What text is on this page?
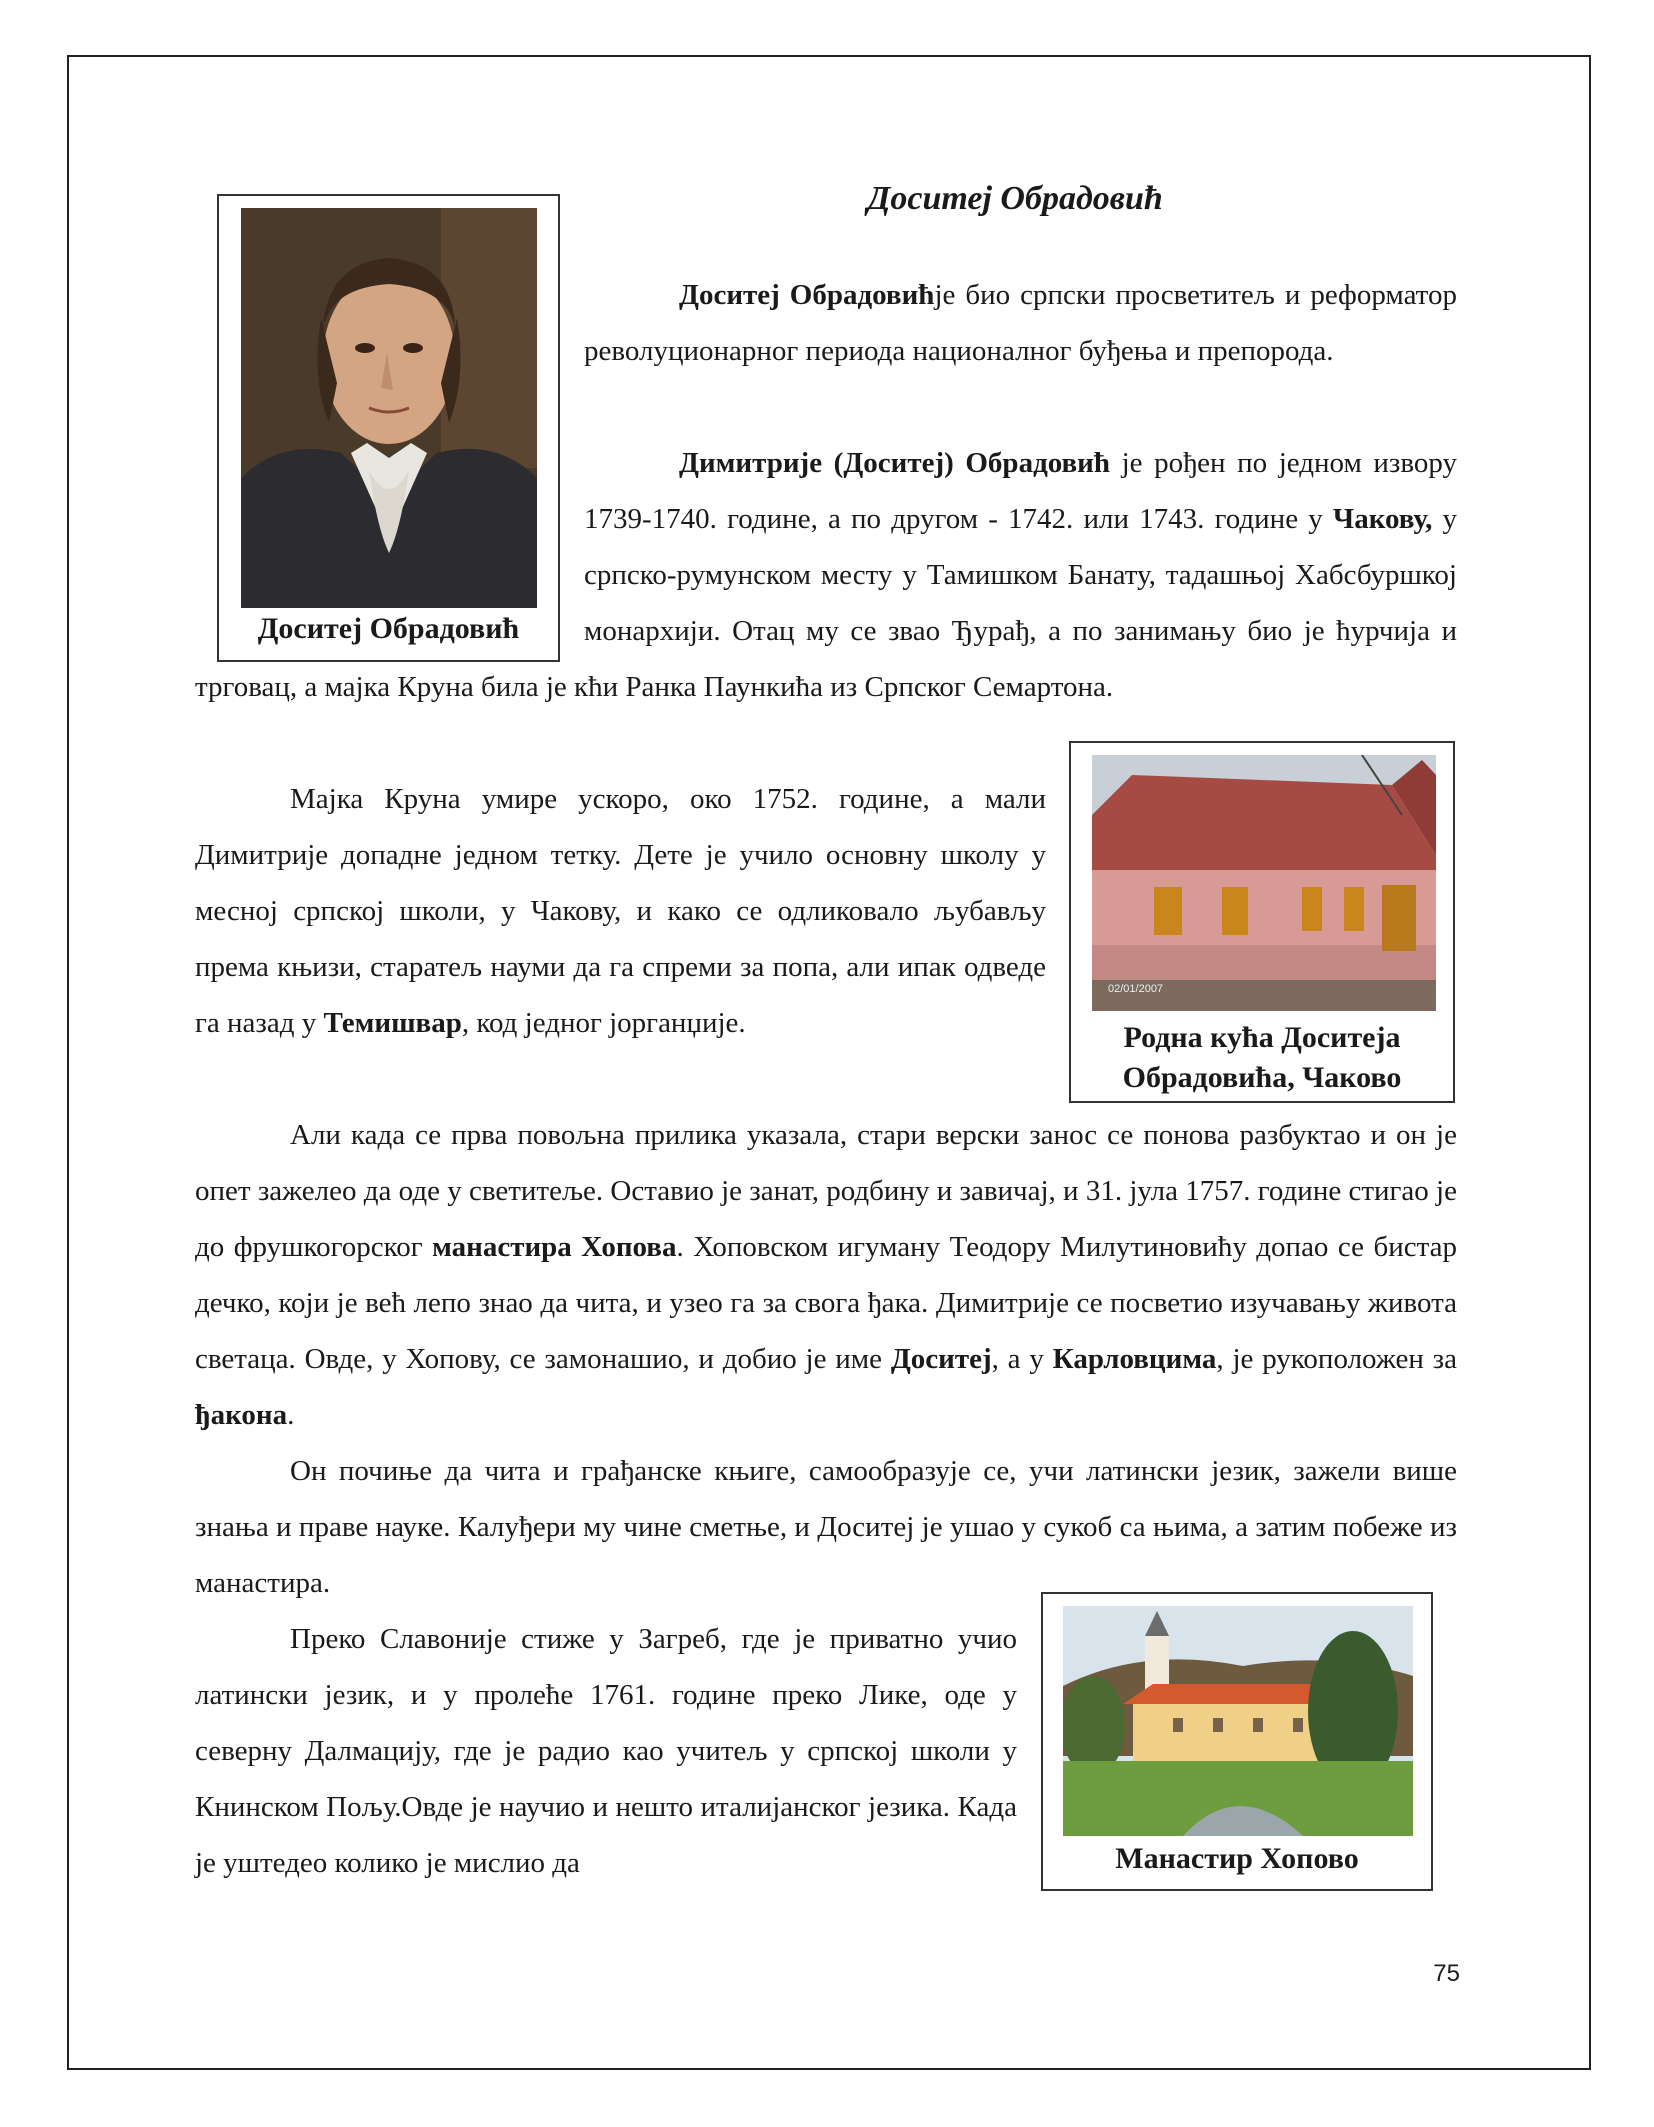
Доситеј Обрадовић
Доситеј Обрадовић
02/01/2007
Родна кућа Доситеја
Обрадовића, Чаково
Манастир Хопово

Доситеј Обрадовићје био српски просветитељ и реформатор револуционарног периода националног буђења и препорода.

Димитрије (Доситеј) Обрадовић је рођен по једном извору 1739-1740. године, а по другом - 1742. или 1743. године у Чакову, у српско-румунском месту у Тамишком Банату, тадашњој Хабсбуршкој монархији. Отац му се звао Ђурађ, а по занимању био је ћурчија и трговац, а мајка Круна била је кћи Ранка Паункића из Српског Семартона.

Мајка Круна умире ускоро, око 1752. године, а мали Димитрије допадне једном тетку. Дете је учило основну школу у месној српској школи, у Чакову, и како се одликовало љубављу према књизи, старатељ науми да га спреми за попа, али ипак одведе га назад у Темишвар, код једног јорганџије.

Али када се прва повољна прилика указала, стари верски занос се понова разбуктао и он је опет зажелео да оде у светитеље. Оставио је занат, родбину и завичај, и 31. јула 1757. године стигао је до фрушкогорског манастира Хопова. Хоповском игуману Теодору Милутиновићу допао се бистар дечко, који је већ лепо знао да чита, и узео га за свога ђака. Димитрије се посветио изучавању живота светаца. Овде, у Хопову, се замонашио, и добио је име Доситеј, а у Карловцима, је рукоположен за ђакона.

Он почиње да чита и грађанске књиге, самообразује се, учи латински језик, зажели више знања и праве науке. Калуђери му чине сметње, и Доситеј је ушао у сукоб са њима, а затим побеже из манастира.

Преко Славоније стиже у Загреб, где је приватно учио латински језик, и у пролеће 1761. године преко Лике, оде у северну Далмацију, где је радио као учитељ у српској школи у Книнском Пољу.Овде је научио и нешто италијанског језика. Када је уштедео колико је мислио да

75
